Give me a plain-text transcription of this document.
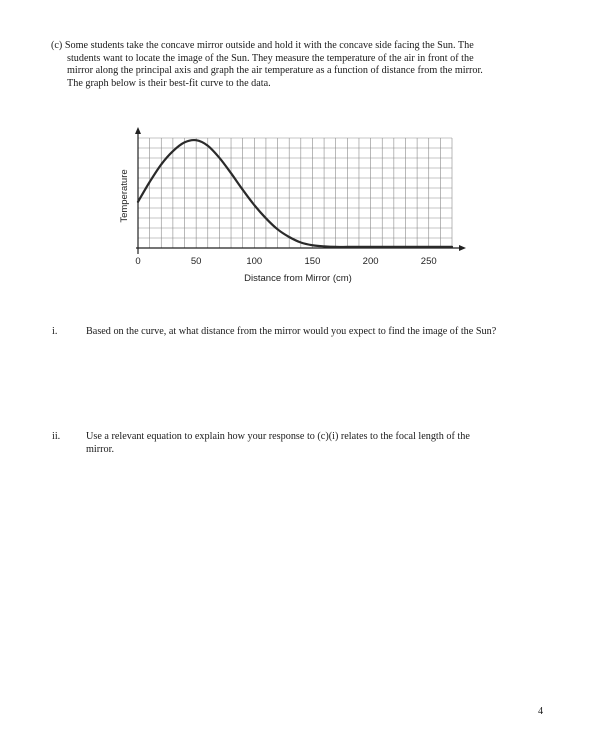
(c) Some students take the concave mirror outside and hold it with the concave side facing the Sun. The
students want to locate the image of the Sun. They measure the temperature of the air in front of the
mirror along the principal axis and graph the air temperature as a function of distance from the mirror.
The graph below is their best-fit curve to the data.
0	50	100	150	200	250
Distance from Mirror (cm)
Temperature
i.	Based on the curve, at what distance from the mirror would you expect to find the image of the Sun?
ii.	Use a relevant equation to explain how your response to (c)(i) relates to the focal length of the
mirror.
4
